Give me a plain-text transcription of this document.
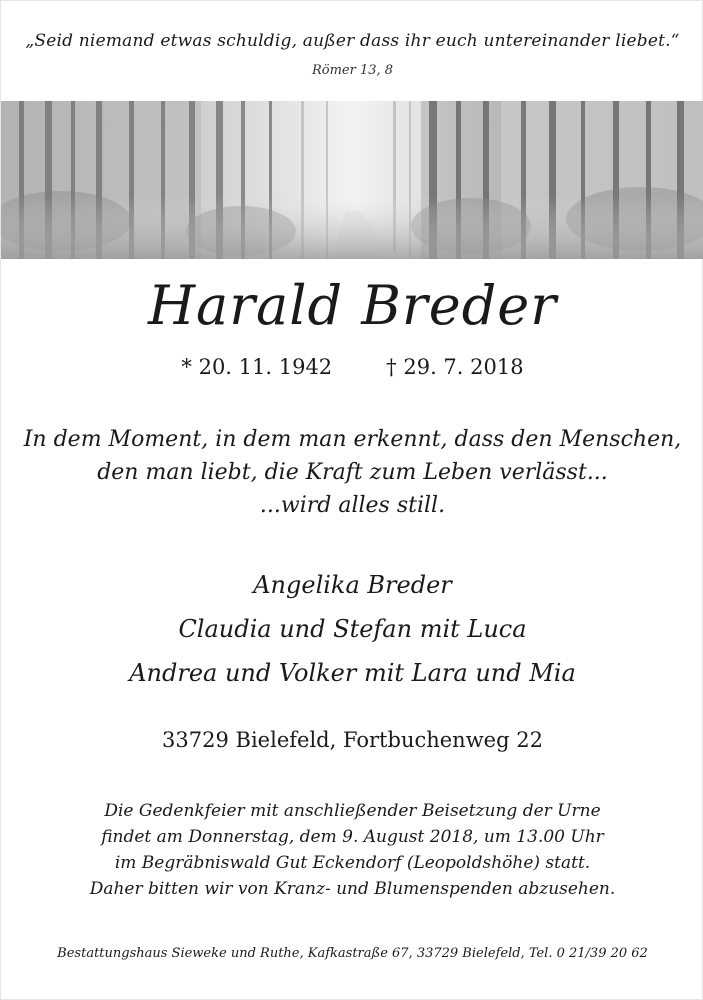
„Seid niemand etwas schuldig, außer dass ihr euch untereinander liebet.“
Römer 13, 8
Harald Breder
* 20. 11. 1942	† 29. 7. 2018
In dem Moment, in dem man erkennt, dass den Menschen,
den man liebt, die Kraft zum Leben verlässt...
...wird alles still.
Angelika Breder
Claudia und Stefan mit Luca
Andrea und Volker mit Lara und Mia
33729 Bielefeld, Fortbuchenweg 22
Die Gedenkfeier mit anschließender Beisetzung der Urne
findet am Donnerstag, dem 9. August 2018, um 13.00 Uhr
im Begräbniswald Gut Eckendorf (Leopoldshöhe) statt.
Daher bitten wir von Kranz- und Blumenspenden abzusehen.
Bestattungshaus Sieweke und Ruthe, Kafkastraße 67, 33729 Bielefeld, Tel. 0 21/39 20 62
